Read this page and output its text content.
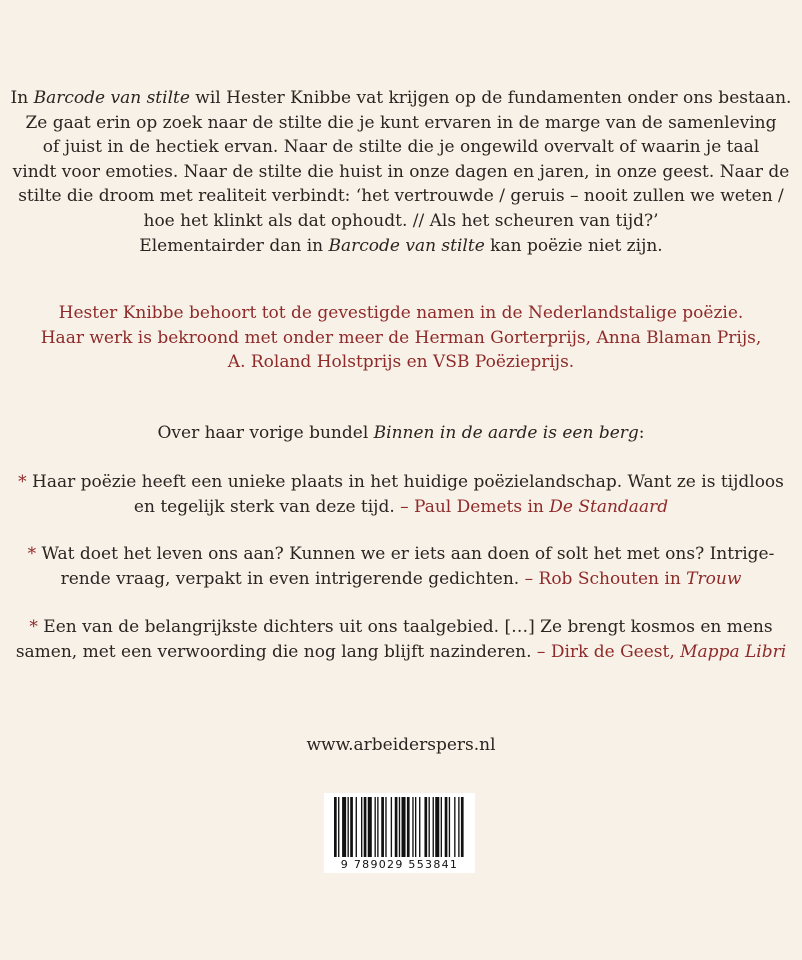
In Barcode van stilte wil Hester Knibbe vat krijgen op de fundamenten onder ons bestaan.
Ze gaat erin op zoek naar de stilte die je kunt ervaren in de marge van de samenleving
of juist in de hectiek ervan. Naar de stilte die je ongewild overvalt of waarin je taal
vindt voor emoties. Naar de stilte die huist in onze dagen en jaren, in onze geest. Naar de
stilte die droom met realiteit verbindt: ‘het vertrouwde / geruis – nooit zullen we weten /
hoe het klinkt als dat ophoudt. // Als het scheuren van tijd?’
Elementairder dan in Barcode van stilte kan poëzie niet zijn.
Hester Knibbe behoort tot de gevestigde namen in de Nederlandstalige poëzie.
Haar werk is bekroond met onder meer de Herman Gorterprijs, Anna Blaman Prijs,
A. Roland Holstprijs en VSB Poëzieprijs.
Over haar vorige bundel Binnen in de aarde is een berg:
* Haar poëzie heeft een unieke plaats in het huidige poëzielandschap. Want ze is tijdloos
en tegelijk sterk van deze tijd. – Paul Demets in De Standaard
* Wat doet het leven ons aan? Kunnen we er iets aan doen of solt het met ons? Intrige-
rende vraag, verpakt in even intrigerende gedichten. – Rob Schouten in Trouw
* Een van de belangrijkste dichters uit ons taalgebied. […] Ze brengt kosmos en mens
samen, met een verwoording die nog lang blijft nazinderen. – Dirk de Geest, Mappa Libri
www.arbeiderspers.nl
9 789029 553841
